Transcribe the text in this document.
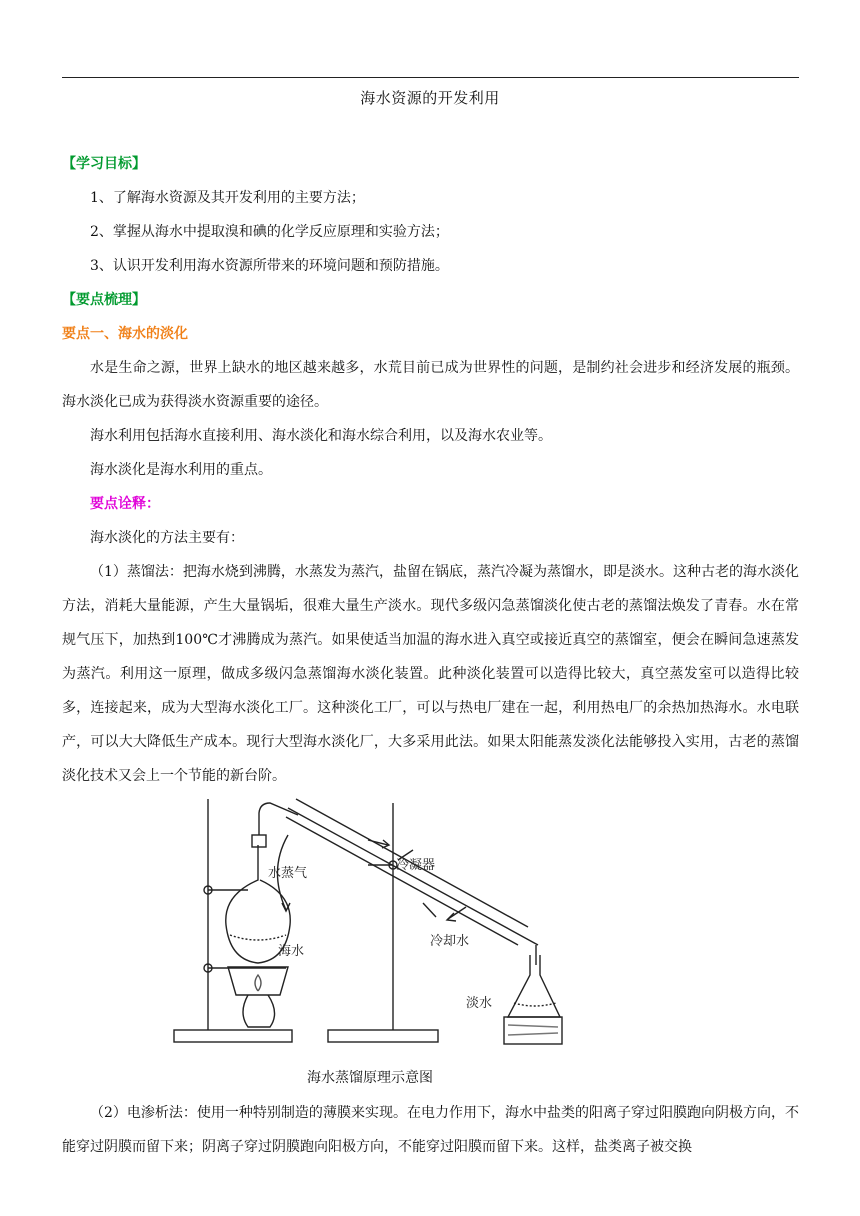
海水资源的开发利用
【学习目标】
1、了解海水资源及其开发利用的主要方法；
2、掌握从海水中提取溴和碘的化学反应原理和实验方法；
3、认识开发利用海水资源所带来的环境问题和预防措施。
【要点梳理】
要点一、海水的淡化
水是生命之源，世界上缺水的地区越来越多，水荒目前已成为世界性的问题，是制约社会进步和经济发展的瓶颈。海水淡化已成为获得淡水资源重要的途径。
海水利用包括海水直接利用、海水淡化和海水综合利用，以及海水农业等。
海水淡化是海水利用的重点。
要点诠释：
海水淡化的方法主要有：
（1）蒸馏法：把海水烧到沸腾，水蒸发为蒸汽，盐留在锅底，蒸汽冷凝为蒸馏水，即是淡水。这种古老的海水淡化方法，消耗大量能源，产生大量锅垢，很难大量生产淡水。现代多级闪急蒸馏淡化使古老的蒸馏法焕发了青春。水在常规气压下，加热到100℃才沸腾成为蒸汽。如果使适当加温的海水进入真空或接近真空的蒸馏室，便会在瞬间急速蒸发为蒸汽。利用这一原理，做成多级闪急蒸馏海水淡化装置。此种淡化装置可以造得比较大，真空蒸发室可以造得比较多，连接起来，成为大型海水淡化工厂。这种淡化工厂，可以与热电厂建在一起，利用热电厂的余热加热海水。水电联产，可以大大降低生产成本。现行大型海水淡化厂，大多采用此法。如果太阳能蒸发淡化法能够投入实用，古老的蒸馏淡化技术又会上一个节能的新台阶。
水蒸气
冷凝器
海水
冷却水
淡水
海水蒸馏原理示意图
（2）电渗析法：使用一种特别制造的薄膜来实现。在电力作用下，海水中盐类的阳离子穿过阳膜跑向阴极方向，不能穿过阴膜而留下来；阴离子穿过阴膜跑向阳极方向，不能穿过阳膜而留下来。这样，盐类离子被交换
